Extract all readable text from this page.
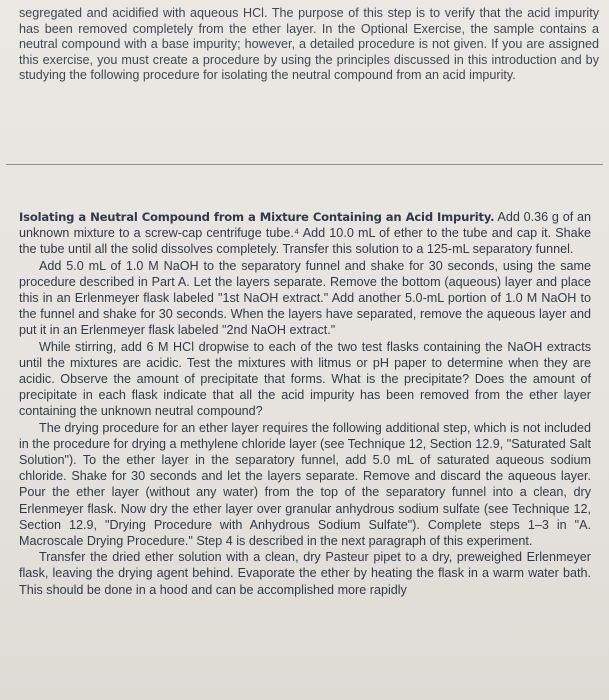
segregated and acidified with aqueous HCl. The purpose of this step is to verify that the acid impurity has been removed completely from the ether layer. In the Optional Exercise, the sample contains a neutral compound with a base impurity; however, a detailed procedure is not given. If you are assigned this exercise, you must create a procedure by using the principles discussed in this introduction and by studying the following procedure for isolating the neutral compound from an acid impurity.

Isolating a Neutral Compound from a Mixture Containing an Acid Impurity. Add 0.36 g of an unknown mixture to a screw-cap centrifuge tube.⁴ Add 10.0 mL of ether to the tube and cap it. Shake the tube until all the solid dissolves completely. Transfer this solution to a 125-mL separatory funnel.

Add 5.0 mL of 1.0 M NaOH to the separatory funnel and shake for 30 seconds, using the same procedure described in Part A. Let the layers separate. Remove the bottom (aqueous) layer and place this in an Erlenmeyer flask labeled "1st NaOH extract." Add another 5.0-mL portion of 1.0 M NaOH to the funnel and shake for 30 seconds. When the layers have separated, remove the aqueous layer and put it in an Erlenmeyer flask labeled "2nd NaOH extract."

While stirring, add 6 M HCl dropwise to each of the two test flasks containing the NaOH extracts until the mixtures are acidic. Test the mixtures with litmus or pH paper to determine when they are acidic. Observe the amount of precipitate that forms. What is the precipitate? Does the amount of precipitate in each flask indicate that all the acid impurity has been removed from the ether layer containing the unknown neutral compound?

The drying procedure for an ether layer requires the following additional step, which is not included in the procedure for drying a methylene chloride layer (see Technique 12, Section 12.9, "Saturated Salt Solution"). To the ether layer in the separatory funnel, add 5.0 mL of saturated aqueous sodium chloride. Shake for 30 seconds and let the layers separate. Remove and discard the aqueous layer. Pour the ether layer (without any water) from the top of the separatory funnel into a clean, dry Erlenmeyer flask. Now dry the ether layer over granular anhydrous sodium sulfate (see Technique 12, Section 12.9, "Drying Procedure with Anhydrous Sodium Sulfate"). Complete steps 1–3 in "A. Macroscale Drying Procedure." Step 4 is described in the next paragraph of this experiment.

Transfer the dried ether solution with a clean, dry Pasteur pipet to a dry, preweighed Erlenmeyer flask, leaving the drying agent behind. Evaporate the ether by heating the flask in a warm water bath. This should be done in a hood and can be accomplished more rapidly
